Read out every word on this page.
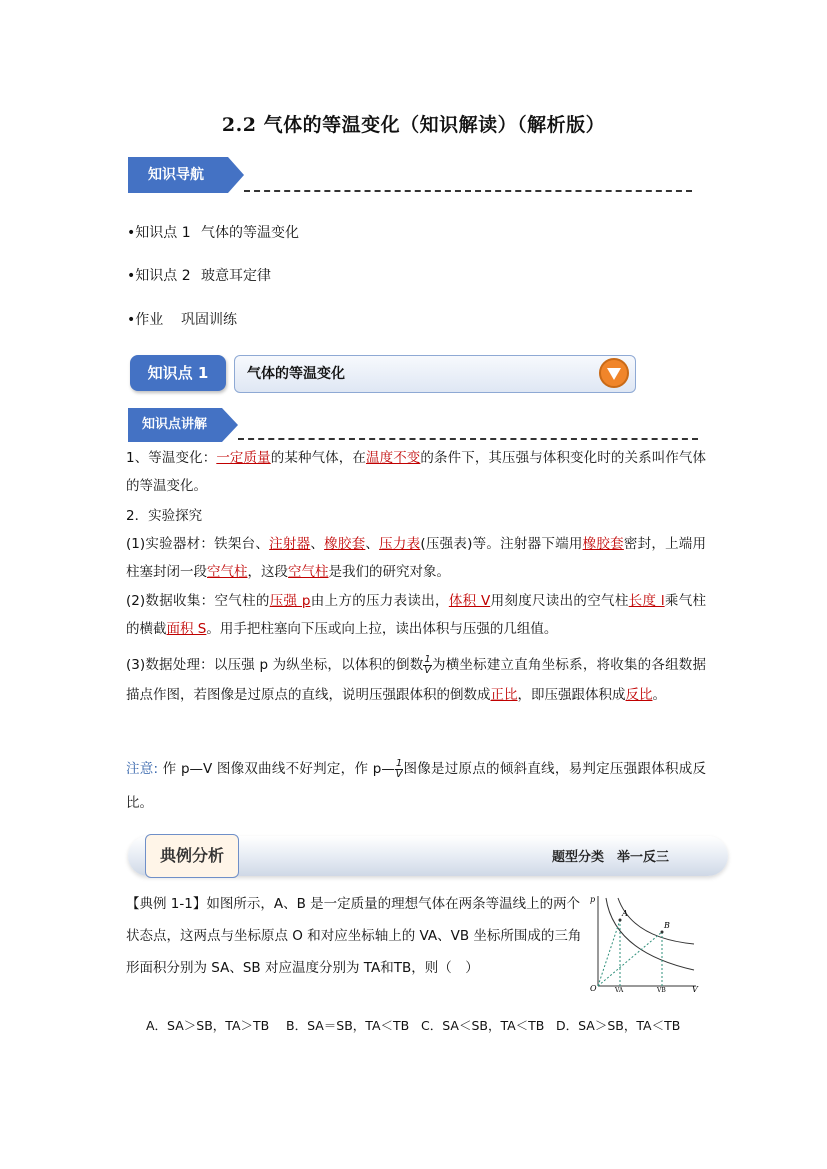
2.2 气体的等温变化（知识解读）（解析版）
知识导航
•知识点 1 气体的等温变化
•知识点 2 玻意耳定律
•作业 巩固训练
知识点 1	气体的等温变化
知识点讲解
1、等温变化：一定质量的某种气体，在温度不变的条件下，其压强与体积变化时的关系叫作气体的等温变化。
2．实验探究
(1)实验器材：铁架台、注射器、橡胶套、压力表(压强表)等。注射器下端用橡胶套密封，上端用柱塞封闭一段空气柱，这段空气柱是我们的研究对象。
(2)数据收集：空气柱的压强 p由上方的压力表读出，体积 V用刻度尺读出的空气柱长度 l乘气柱的横截面积 S。用手把柱塞向下压或向上拉，读出体积与压强的几组值。
(3)数据处理：以压强 p 为纵坐标，以体积的倒数 $\frac{1}{V}$ 为横坐标建立直角坐标系，将收集的各组数据描点作图，若图像是过原点的直线，说明压强跟体积的倒数成正比，即压强跟体积成反比。
注意: 作 p—V 图像双曲线不好判定，作 p— $\frac{1}{V}$ 图像是过原点的倾斜直线，易判定压强跟体积成反比。
典例分析	题型分类　举一反三
【典例 1-1】如图所示，A、B 是一定质量的理想气体在两条等温线上的两个状态点，这两点与坐标原点 O 和对应坐标轴上的 VA、VB 坐标所围成的三角形面积分别为 SA、SB 对应温度分别为 TA和TB，则（　）
p
A
B
O	VA	VB	V
A．SA＞SB，TA＞TB B．SA＝SB，TA＜TB C．SA＜SB，TA＜TB D．SA＞SB，TA＜TB
